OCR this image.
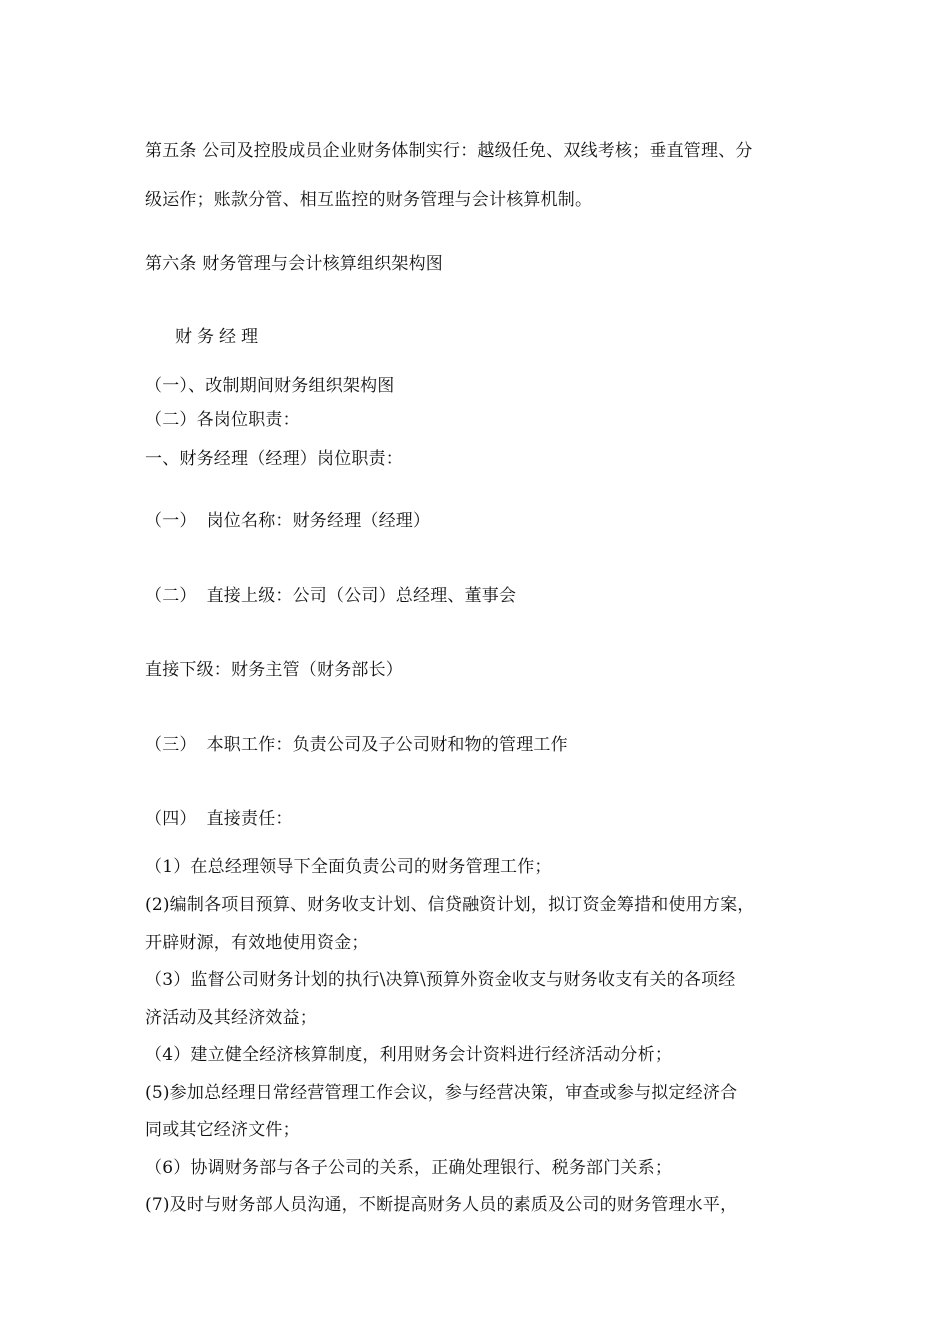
第五条 公司及控股成员企业财务体制实行：越级任免、双线考核；垂直管理、分
级运作；账款分管、相互监控的财务管理与会计核算机制。
第六条 财务管理与会计核算组织架构图
财务经理
（一）、改制期间财务组织架构图
（二）各岗位职责：
一、财务经理（经理）岗位职责：
（一） 岗位名称：财务经理（经理）
（二） 直接上级：公司（公司）总经理、董事会
直接下级：财务主管（财务部长）
（三） 本职工作：负责公司及子公司财和物的管理工作
（四） 直接责任：
（1）在总经理领导下全面负责公司的财务管理工作；
(2)编制各项目预算、财务收支计划、信贷融资计划，拟订资金筹措和使用方案，
开辟财源，有效地使用资金；
（3）监督公司财务计划的执行\决算\预算外资金收支与财务收支有关的各项经
济活动及其经济效益；
（4）建立健全经济核算制度，利用财务会计资料进行经济活动分析；
(5)参加总经理日常经营管理工作会议，参与经营决策，审查或参与拟定经济合
同或其它经济文件；
（6）协调财务部与各子公司的关系，正确处理银行、税务部门关系；
(7)及时与财务部人员沟通，不断提高财务人员的素质及公司的财务管理水平，
